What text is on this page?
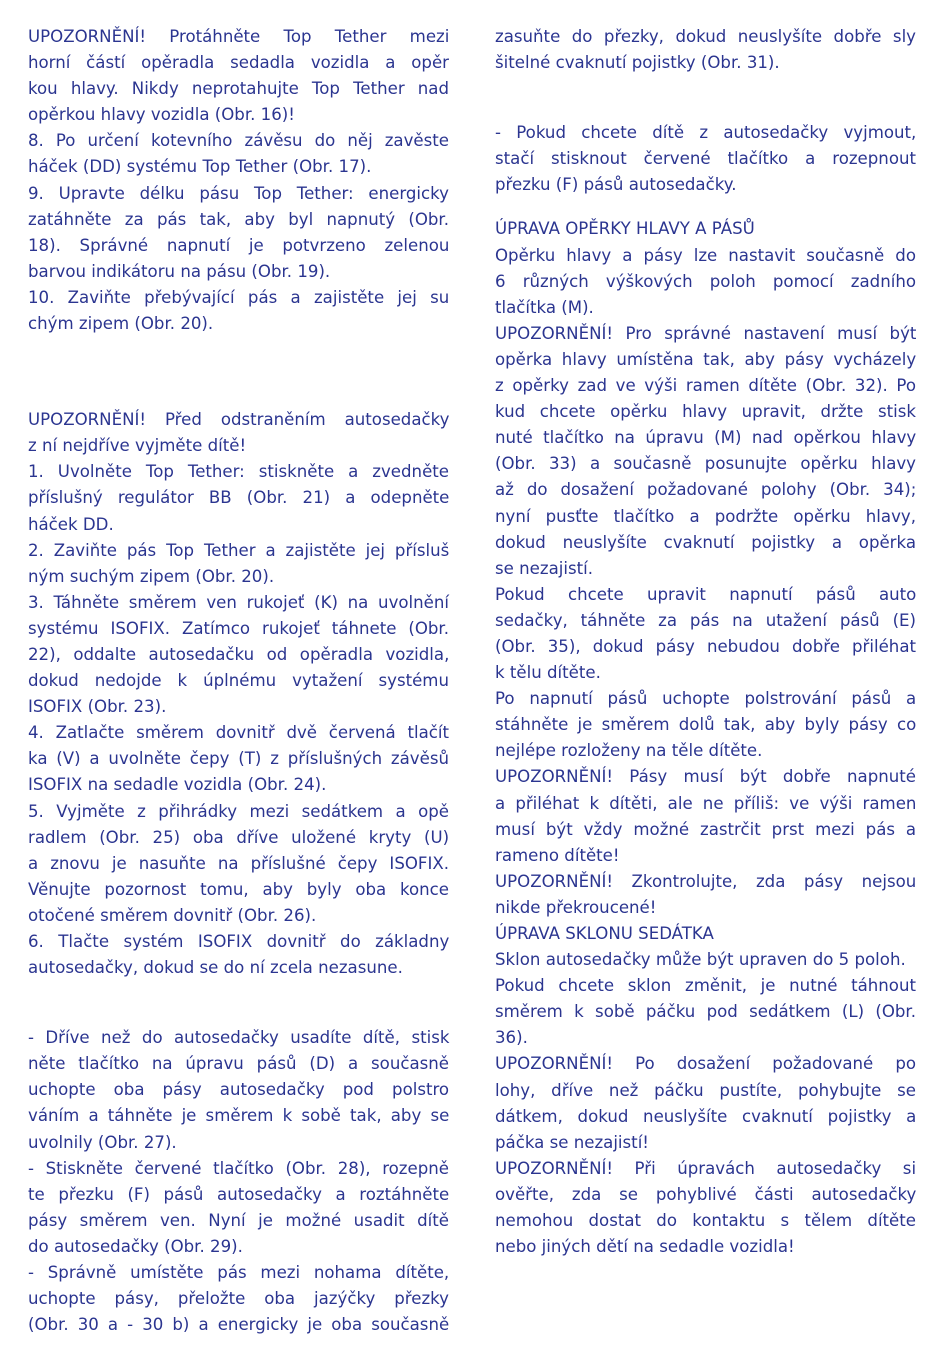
UPOZORNĚNÍ! Protáhněte Top Tether mezi
horní částí opěradla sedadla vozidla a opěr
kou hlavy. Nikdy neprotahujte Top Tether nad
opěrkou hlavy vozidla (Obr. 16)!
8. Po určení kotevního závěsu do něj zavěste
háček (DD) systému Top Tether (Obr. 17).
9. Upravte délku pásu Top Tether: energicky
zatáhněte za pás tak, aby byl napnutý (Obr.
18). Správné napnutí je potvrzeno zelenou
barvou indikátoru na pásu (Obr. 19).
10. Zaviňte přebývající pás a zajistěte jej su
chým zipem (Obr. 20).
UPOZORNĚNÍ! Před odstraněním autosedačky
z ní nejdříve vyjměte dítě!
1. Uvolněte Top Tether: stiskněte a zvedněte
příslušný regulátor BB (Obr. 21) a odepněte
háček DD.
2. Zaviňte pás Top Tether a zajistěte jej přísluš
ným suchým zipem (Obr. 20).
3. Táhněte směrem ven rukojeť (K) na uvolnění
systému ISOFIX. Zatímco rukojeť táhnete (Obr.
22), oddalte autosedačku od opěradla vozidla,
dokud nedojde k úplnému vytažení systému
ISOFIX (Obr. 23).
4. Zatlačte směrem dovnitř dvě červená tlačít
ka (V) a uvolněte čepy (T) z příslušných závěsů
ISOFIX na sedadle vozidla (Obr. 24).
5. Vyjměte z přihrádky mezi sedátkem a opě
radlem (Obr. 25) oba dříve uložené kryty (U)
a znovu je nasuňte na příslušné čepy ISOFIX.
Věnujte pozornost tomu, aby byly oba konce
otočené směrem dovnitř (Obr. 26).
6. Tlačte systém ISOFIX dovnitř do základny
autosedačky, dokud se do ní zcela nezasune.
- Dříve než do autosedačky usadíte dítě, stisk
něte tlačítko na úpravu pásů (D) a současně
uchopte oba pásy autosedačky pod polstro
váním a táhněte je směrem k sobě tak, aby se
uvolnily (Obr. 27).
- Stiskněte červené tlačítko (Obr. 28), rozepně
te přezku (F) pásů autosedačky a roztáhněte
pásy směrem ven. Nyní je možné usadit dítě
do autosedačky (Obr. 29).
- Správně umístěte pás mezi nohama dítěte,
uchopte pásy, přeložte oba jazýčky přezky
(Obr. 30 a - 30 b) a energicky je oba současně
zasuňte do přezky, dokud neuslyšíte dobře sly
šitelné cvaknutí pojistky (Obr. 31).
- Pokud chcete dítě z autosedačky vyjmout,
stačí stisknout červené tlačítko a rozepnout
přezku (F) pásů autosedačky.
ÚPRAVA OPĚRKY HLAVY A PÁSŮ
Opěrku hlavy a pásy lze nastavit současně do
6 různých výškových poloh pomocí zadního
tlačítka (M).
UPOZORNĚNÍ! Pro správné nastavení musí být
opěrka hlavy umístěna tak, aby pásy vycházely
z opěrky zad ve výši ramen dítěte (Obr. 32). Po
kud chcete opěrku hlavy upravit, držte stisk
nuté tlačítko na úpravu (M) nad opěrkou hlavy
(Obr. 33) a současně posunujte opěrku hlavy
až do dosažení požadované polohy (Obr. 34);
nyní pusťte tlačítko a podržte opěrku hlavy,
dokud neuslyšíte cvaknutí pojistky a opěrka
se nezajistí.
Pokud chcete upravit napnutí pásů auto
sedačky, táhněte za pás na utažení pásů (E)
(Obr. 35), dokud pásy nebudou dobře přiléhat
k tělu dítěte.
Po napnutí pásů uchopte polstrování pásů a
stáhněte je směrem dolů tak, aby byly pásy co
nejlépe rozloženy na těle dítěte.
UPOZORNĚNÍ! Pásy musí být dobře napnuté
a přiléhat k dítěti, ale ne příliš: ve výši ramen
musí být vždy možné zastrčit prst mezi pás a
rameno dítěte!
UPOZORNĚNÍ! Zkontrolujte, zda pásy nejsou
nikde překroucené!
ÚPRAVA SKLONU SEDÁTKA
Sklon autosedačky může být upraven do 5 poloh.
Pokud chcete sklon změnit, je nutné táhnout
směrem k sobě páčku pod sedátkem (L) (Obr.
36).
UPOZORNĚNÍ! Po dosažení požadované po
lohy, dříve než páčku pustíte, pohybujte se
dátkem, dokud neuslyšíte cvaknutí pojistky a
páčka se nezajistí!
UPOZORNĚNÍ! Při úpravách autosedačky si
ověřte, zda se pohyblivé části autosedačky
nemohou dostat do kontaktu s tělem dítěte
nebo jiných dětí na sedadle vozidla!
